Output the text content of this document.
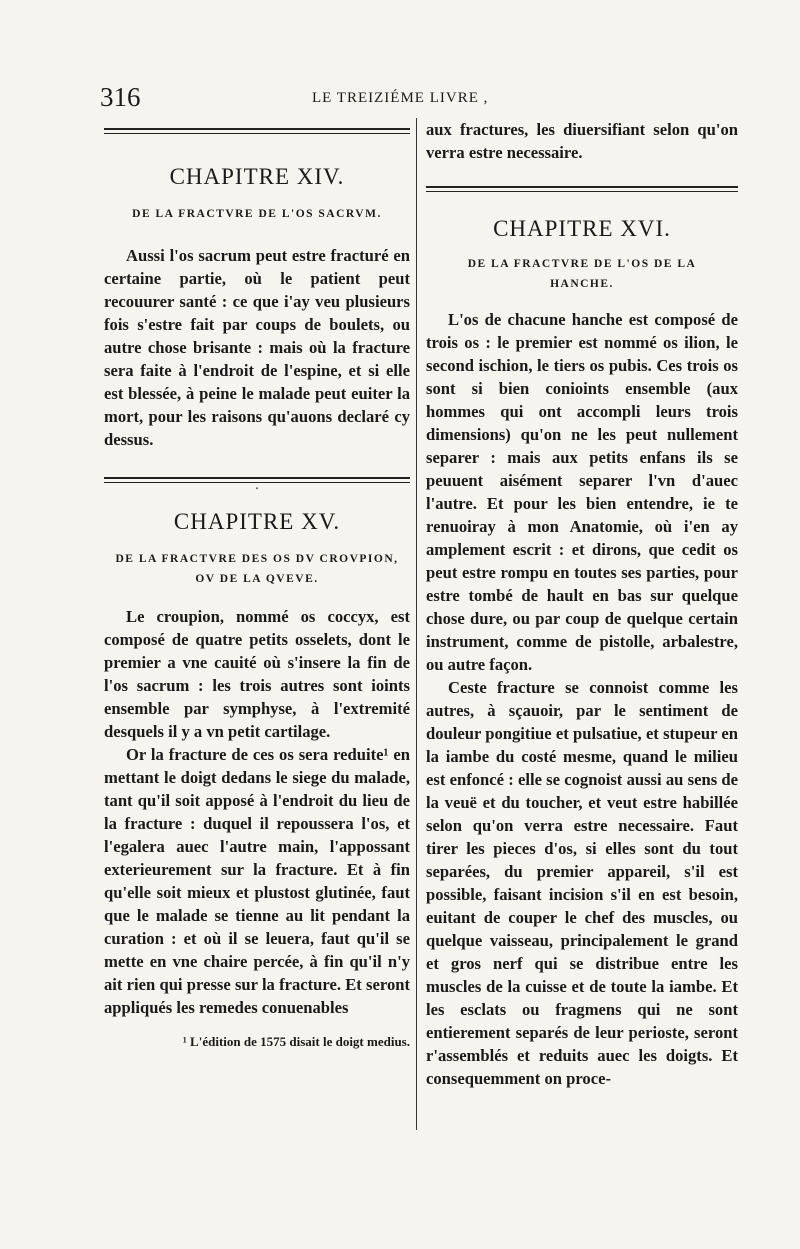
316	LE TREIZIÉME LIVRE ,

CHAPITRE XIV.

DE LA FRACTVRE DE L'OS SACRVM.

Aussi l'os sacrum peut estre fracturé en certaine partie, où le patient peut recouurer santé : ce que i'ay veu plusieurs fois s'estre fait par coups de boulets, ou autre chose brisante : mais où la fracture sera faite à l'endroit de l'espine, et si elle est blessée, à peine le malade peut euiter la mort, pour les raisons qu'auons declaré cy dessus.

·

CHAPITRE XV.

DE LA FRACTVRE DES OS DV CROVPION,

OV DE LA QVEVE.

Le croupion, nommé os coccyx, est composé de quatre petits osselets, dont le premier a vne cauité où s'insere la fin de l'os sacrum : les trois autres sont ioints ensemble par symphyse, à l'extremité desquels il y a vn petit cartilage.

Or la fracture de ces os sera reduite¹ en mettant le doigt dedans le siege du malade, tant qu'il soit apposé à l'endroit du lieu de la fracture : duquel il repoussera l'os, et l'egalera auec l'autre main, l'appossant exterieurement sur la fracture. Et à fin qu'elle soit mieux et plustost glutinée, faut que le malade se tienne au lit pendant la curation : et où il se leuera, faut qu'il se mette en vne chaire percée, à fin qu'il n'y ait rien qui presse sur la fracture. Et seront appliqués les remedes conuenables

¹ L'édition de 1575 disait le doigt medius.

aux fractures, les diuersifiant selon qu'on verra estre necessaire.

CHAPITRE XVI.

DE LA FRACTVRE DE L'OS DE LA

HANCHE.

L'os de chacune hanche est composé de trois os : le premier est nommé os ilion, le second ischion, le tiers os pubis. Ces trois os sont si bien conioints ensemble (aux hommes qui ont accompli leurs trois dimensions) qu'on ne les peut nullement separer : mais aux petits enfans ils se peuuent aisément separer l'vn d'auec l'autre. Et pour les bien entendre, ie te renuoiray à mon Anatomie, où i'en ay amplement escrit : et dirons, que cedit os peut estre rompu en toutes ses parties, pour estre tombé de hault en bas sur quelque chose dure, ou par coup de quelque certain instrument, comme de pistolle, arbalestre, ou autre façon.

Ceste fracture se connoist comme les autres, à sçauoir, par le sentiment de douleur pongitiue et pulsatiue, et stupeur en la iambe du costé mesme, quand le milieu est enfoncé : elle se cognoist aussi au sens de la veuë et du toucher, et veut estre habillée selon qu'on verra estre necessaire. Faut tirer les pieces d'os, si elles sont du tout separées, du premier appareil, s'il est possible, faisant incision s'il en est besoin, euitant de couper le chef des muscles, ou quelque vaisseau, principalement le grand et gros nerf qui se distribue entre les muscles de la cuisse et de toute la iambe. Et les esclats ou fragmens qui ne sont entierement separés de leur perioste, seront r'assemblés et reduits auec les doigts. Et consequemment on proce-
